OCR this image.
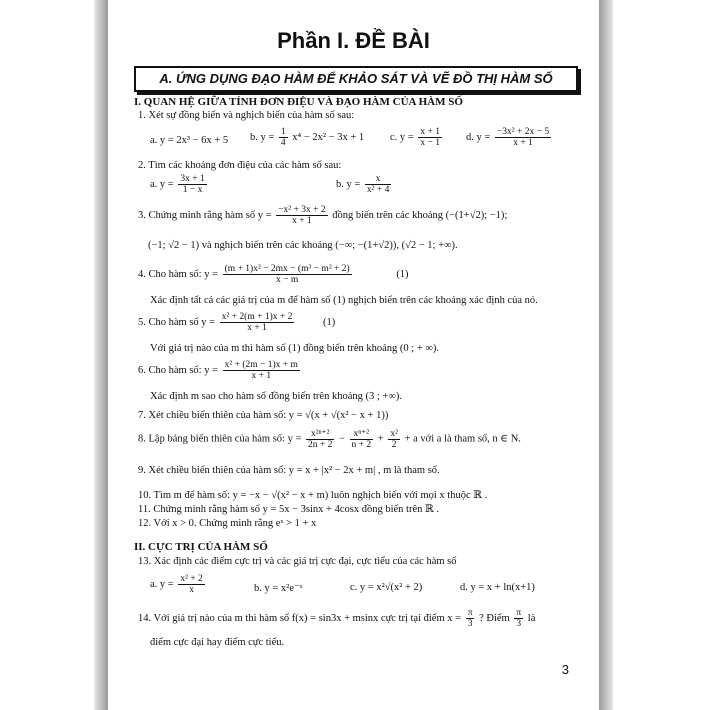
Phần I. ĐỀ BÀI
A. ỨNG DỤNG ĐẠO HÀM ĐỂ KHẢO SÁT VÀ VẼ ĐỒ THỊ HÀM SỐ
I. QUAN HỆ GIỮA TÍNH ĐƠN ĐIỆU VÀ ĐẠO HÀM CỦA HÀM SỐ
1. Xét sự đồng biến và nghịch biến của hàm số sau:
a. y = 2x³ − 6x + 5 b. $y = \frac{1}{4} x^4 - 2x^2 - 3x + 1$ c. $y = \frac{x + 1}{x - 1} d$. $y = \frac{\text{−3x² + 2x − 5}}{x + 1}$
2. Tìm các khoảng đơn điệu của các hàm số sau:
a. $y = \frac{3x + 1}{1 - x}$	b. $y = \frac{x}{\text{x² + 4}}$
3. Chứng minh rằng hàm số $y = \frac{\text{−x² + 3x + 2}}{x + 1}$ đồng biến trên các khoảng (−(1+√2); −1);
(−1; √2 − 1) và nghịch biến trên các khoảng (−∞; −(1+√2)), (√2 − 1; +∞).
4. Cho hàm số: $y = \frac{\text{(m + 1)x² − 2mx − (m³ − m² + 2)}}{x - m}$	(1)
Xác định tất cả các giá trị của m để hàm số (1) nghịch biến trên các khoảng xác định của nó.
5. Cho hàm số $y = \frac{\text{x² + 2(m + 1)x + 2}}{x + 1}$	(1)
Với giá trị nào của m thì hàm số (1) đồng biến trên khoảng (0 ; + ∞).
6. Cho hàm số: $y = \frac{\text{x² + (2m − 1)x + m}}{x + 1}$
Xác định m sao cho hàm số đồng biến trên khoảng (3 ; +∞).
7. Xét chiều biến thiên của hàm số: y = √(x + √(x² − x + 1))
8. Lập bảng biến thiên của hàm số: $y = \frac{\text{x²ⁿ⁺²}}{2n + 2} - \frac{\text{xⁿ⁺²}}{n + 2} + \frac{\text{x²}}{2} + a$ với a là tham số, n ∈ N.
9. Xét chiều biến thiên của hàm số: y = x + |x² − 2x + m| , m là tham số.
10. Tìm m để hàm số: y = −x − √(x² − x + m) luôn nghịch biến với mọi x thuộc ℝ .
11. Chứng minh rằng hàm số y = 5x − 3sinx + 4cosx đồng biến trên ℝ .
12. Với x > 0. Chứng minh rằng eˣ > 1 + x
II. CỰC TRỊ CỦA HÀM SỐ
13. Xác định các điểm cực trị và các giá trị cực đại, cực tiểu của các hàm số
a. $y = \frac{\text{x² + 2}}{x}$	b. y = x²e⁻ˣ	c. y = x²√(x² + 2)	d. y = x + ln(x+1)
14. Với giá trị nào của m thì hàm số f(x) = sin3x + msinx cực trị tại điểm $x = \frac{\pi}{3}$ ? Điểm $\frac{\pi}{3}$ là
điểm cực đại hay điểm cực tiểu.
3
